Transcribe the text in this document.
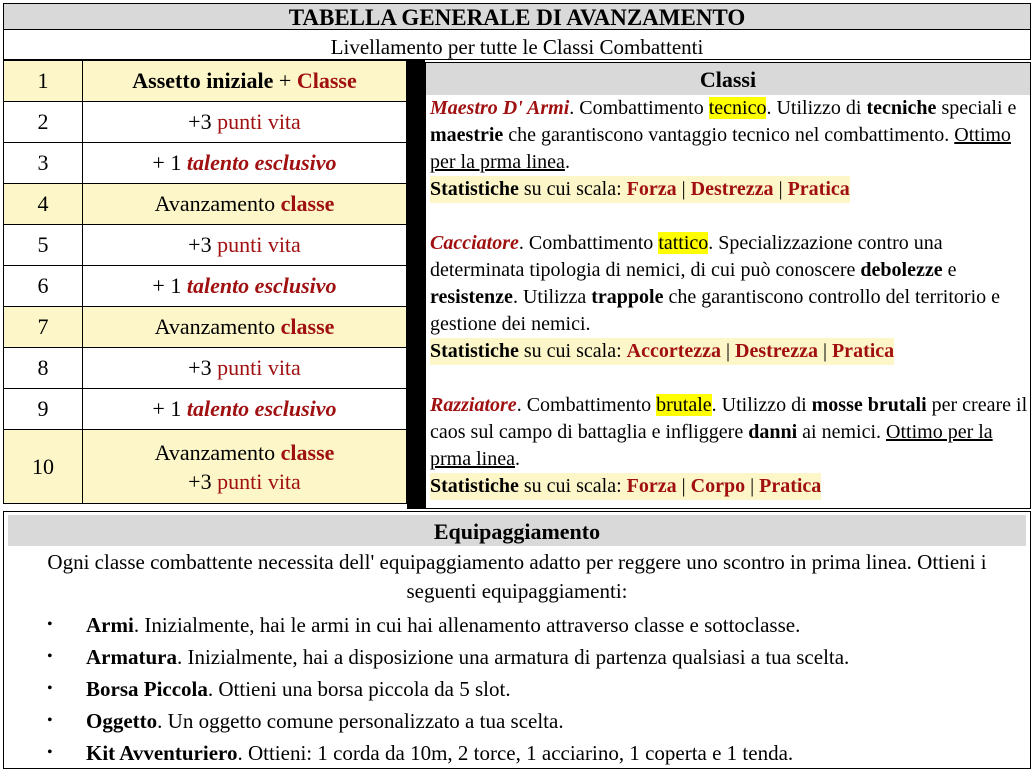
TABELLA GENERALE DI AVANZAMENTO
Livellamento per tutte le Classi Combattenti
1	Assetto iniziale + Classe
2	+3 punti vita
3	+ 1 talento esclusivo
4	Avanzamento classe
5	+3 punti vita
6	+ 1 talento esclusivo
7	Avanzamento classe
8	+3 punti vita
9	+ 1 talento esclusivo
10	Avanzamento classe
+3 punti vita
Classi

Maestro D' Armi. Combattimento tecnico. Utilizzo di tecniche speciali e maestrie che garantiscono vantaggio tecnico nel combattimento. Ottimo per la prma linea.

Statistiche su cui scala: Forza | Destrezza | Pratica

Cacciatore. Combattimento tattico. Specializzazione contro una determinata tipologia di nemici, di cui può conoscere debolezze e resistenze. Utilizza trappole che garantiscono controllo del territorio e gestione dei nemici.

Statistiche su cui scala: Accortezza | Destrezza | Pratica

Razziatore. Combattimento brutale. Utilizzo di mosse brutali per creare il caos sul campo di battaglia e infliggere danni ai nemici. Ottimo per la prma linea.

Statistiche su cui scala: Forza | Corpo | Pratica

Equipaggiamento
Ogni classe combattente necessita dell' equipaggiamento adatto per reggere uno scontro in prima linea. Ottieni i seguenti equipaggiamenti:
• Armi. Inizialmente, hai le armi in cui hai allenamento attraverso classe e sottoclasse.
• Armatura. Inizialmente, hai a disposizione una armatura di partenza qualsiasi a tua scelta.
• Borsa Piccola. Ottieni una borsa piccola da 5 slot.
• Oggetto. Un oggetto comune personalizzato a tua scelta.
• Kit Avventuriero. Ottieni: 1 corda da 10m, 2 torce, 1 acciarino, 1 coperta e 1 tenda.
